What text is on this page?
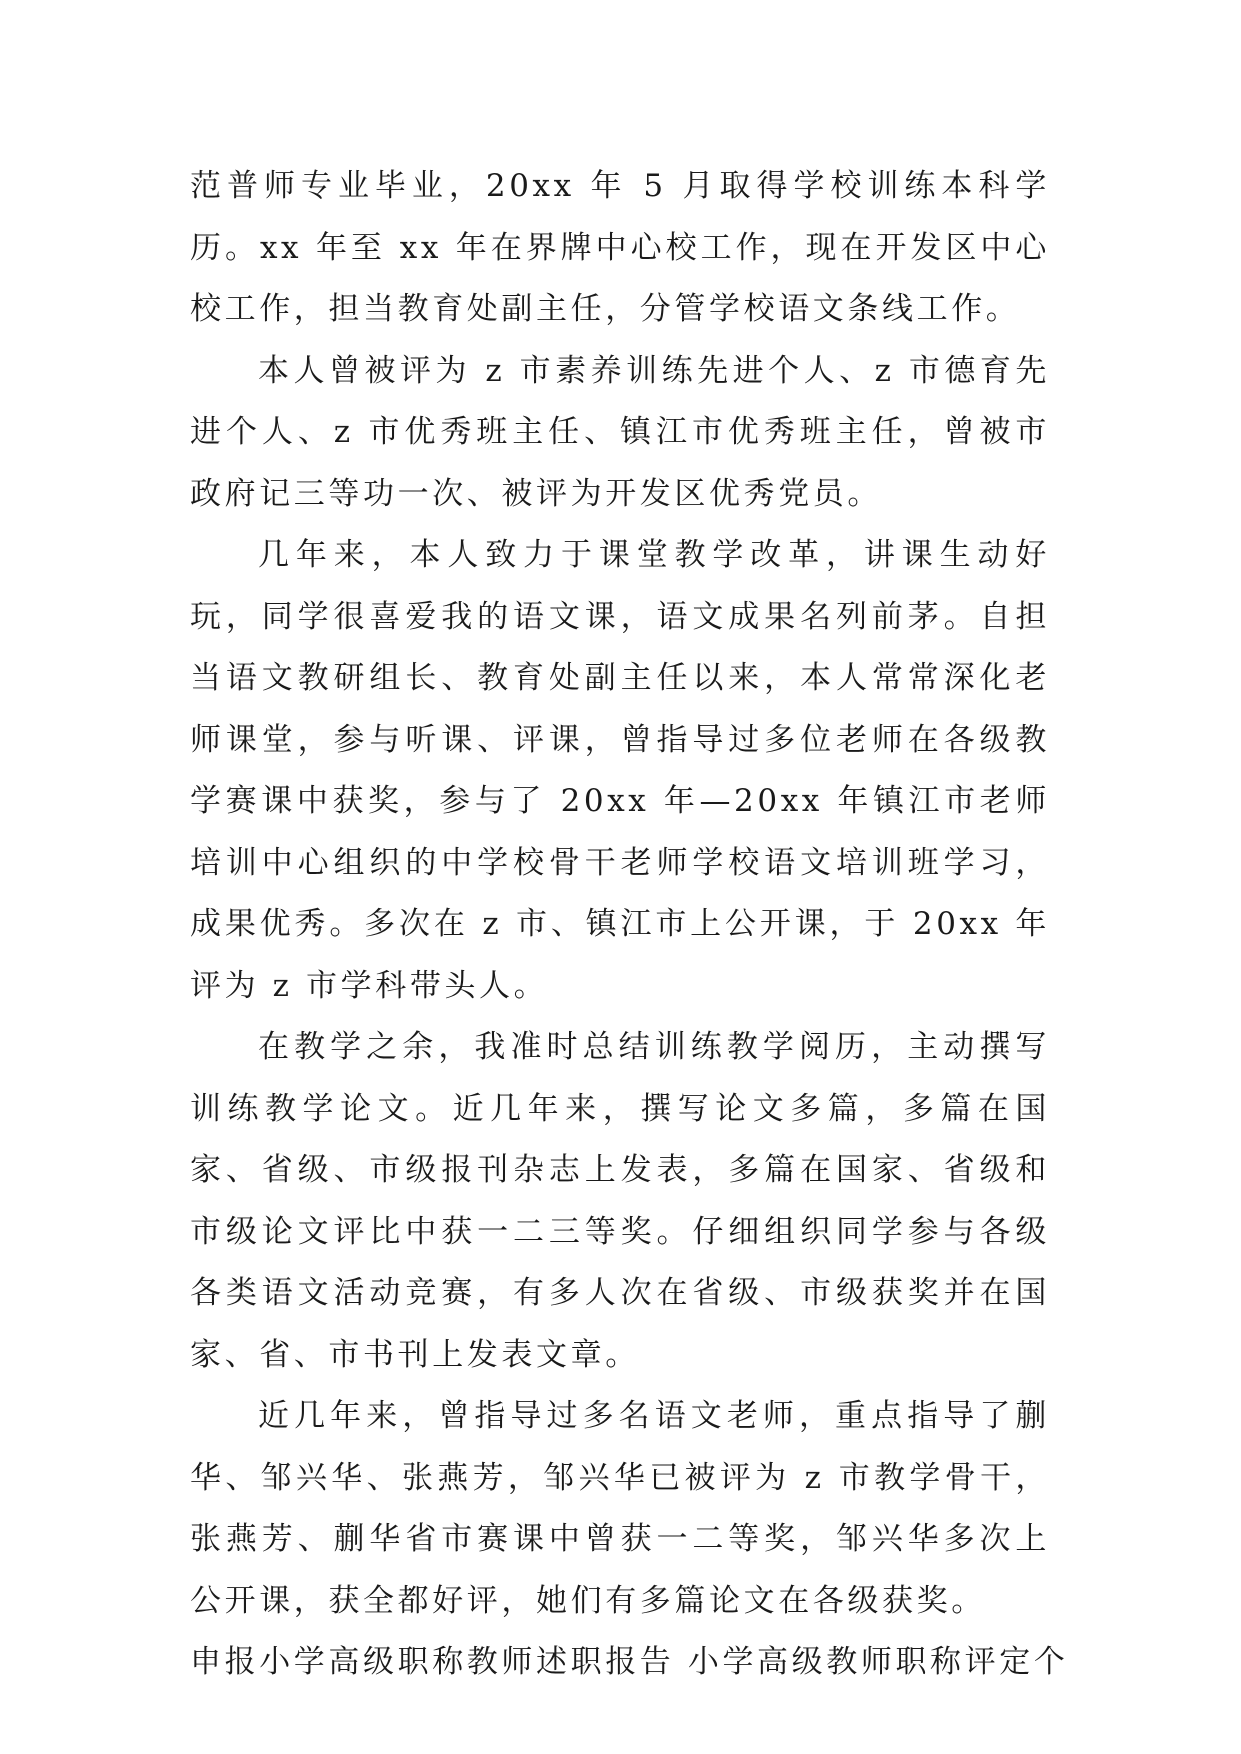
范普师专业毕业，20xx 年 5 月取得学校训练本科学历。xx 年至 xx 年在界牌中心校工作，现在开发区中心校工作，担当教育处副主任，分管学校语文条线工作。

本人曾被评为 z 市素养训练先进个人、z 市德育先进个人、z 市优秀班主任、镇江市优秀班主任，曾被市政府记三等功一次、被评为开发区优秀党员。

几年来，本人致力于课堂教学改革，讲课生动好玩，同学很喜爱我的语文课，语文成果名列前茅。自担当语文教研组长、教育处副主任以来，本人常常深化老师课堂，参与听课、评课，曾指导过多位老师在各级教学赛课中获奖，参与了 20xx 年—20xx 年镇江市老师培训中心组织的中学校骨干老师学校语文培训班学习，成果优秀。多次在 z 市、镇江市上公开课，于 20xx 年评为 z 市学科带头人。

在教学之余，我准时总结训练教学阅历，主动撰写训练教学论文。近几年来，撰写论文多篇，多篇在国家、省级、市级报刊杂志上发表，多篇在国家、省级和市级论文评比中获一二三等奖。仔细组织同学参与各级各类语文活动竞赛，有多人次在省级、市级获奖并在国家、省、市书刊上发表文章。

近几年来，曾指导过多名语文老师，重点指导了蒯华、邹兴华、张燕芳，邹兴华已被评为 z 市教学骨干，张燕芳、蒯华省市赛课中曾获一二等奖，邹兴华多次上公开课，获全都好评，她们有多篇论文在各级获奖。

申报小学高级职称教师述职报告 小学高级教师职称评定个
